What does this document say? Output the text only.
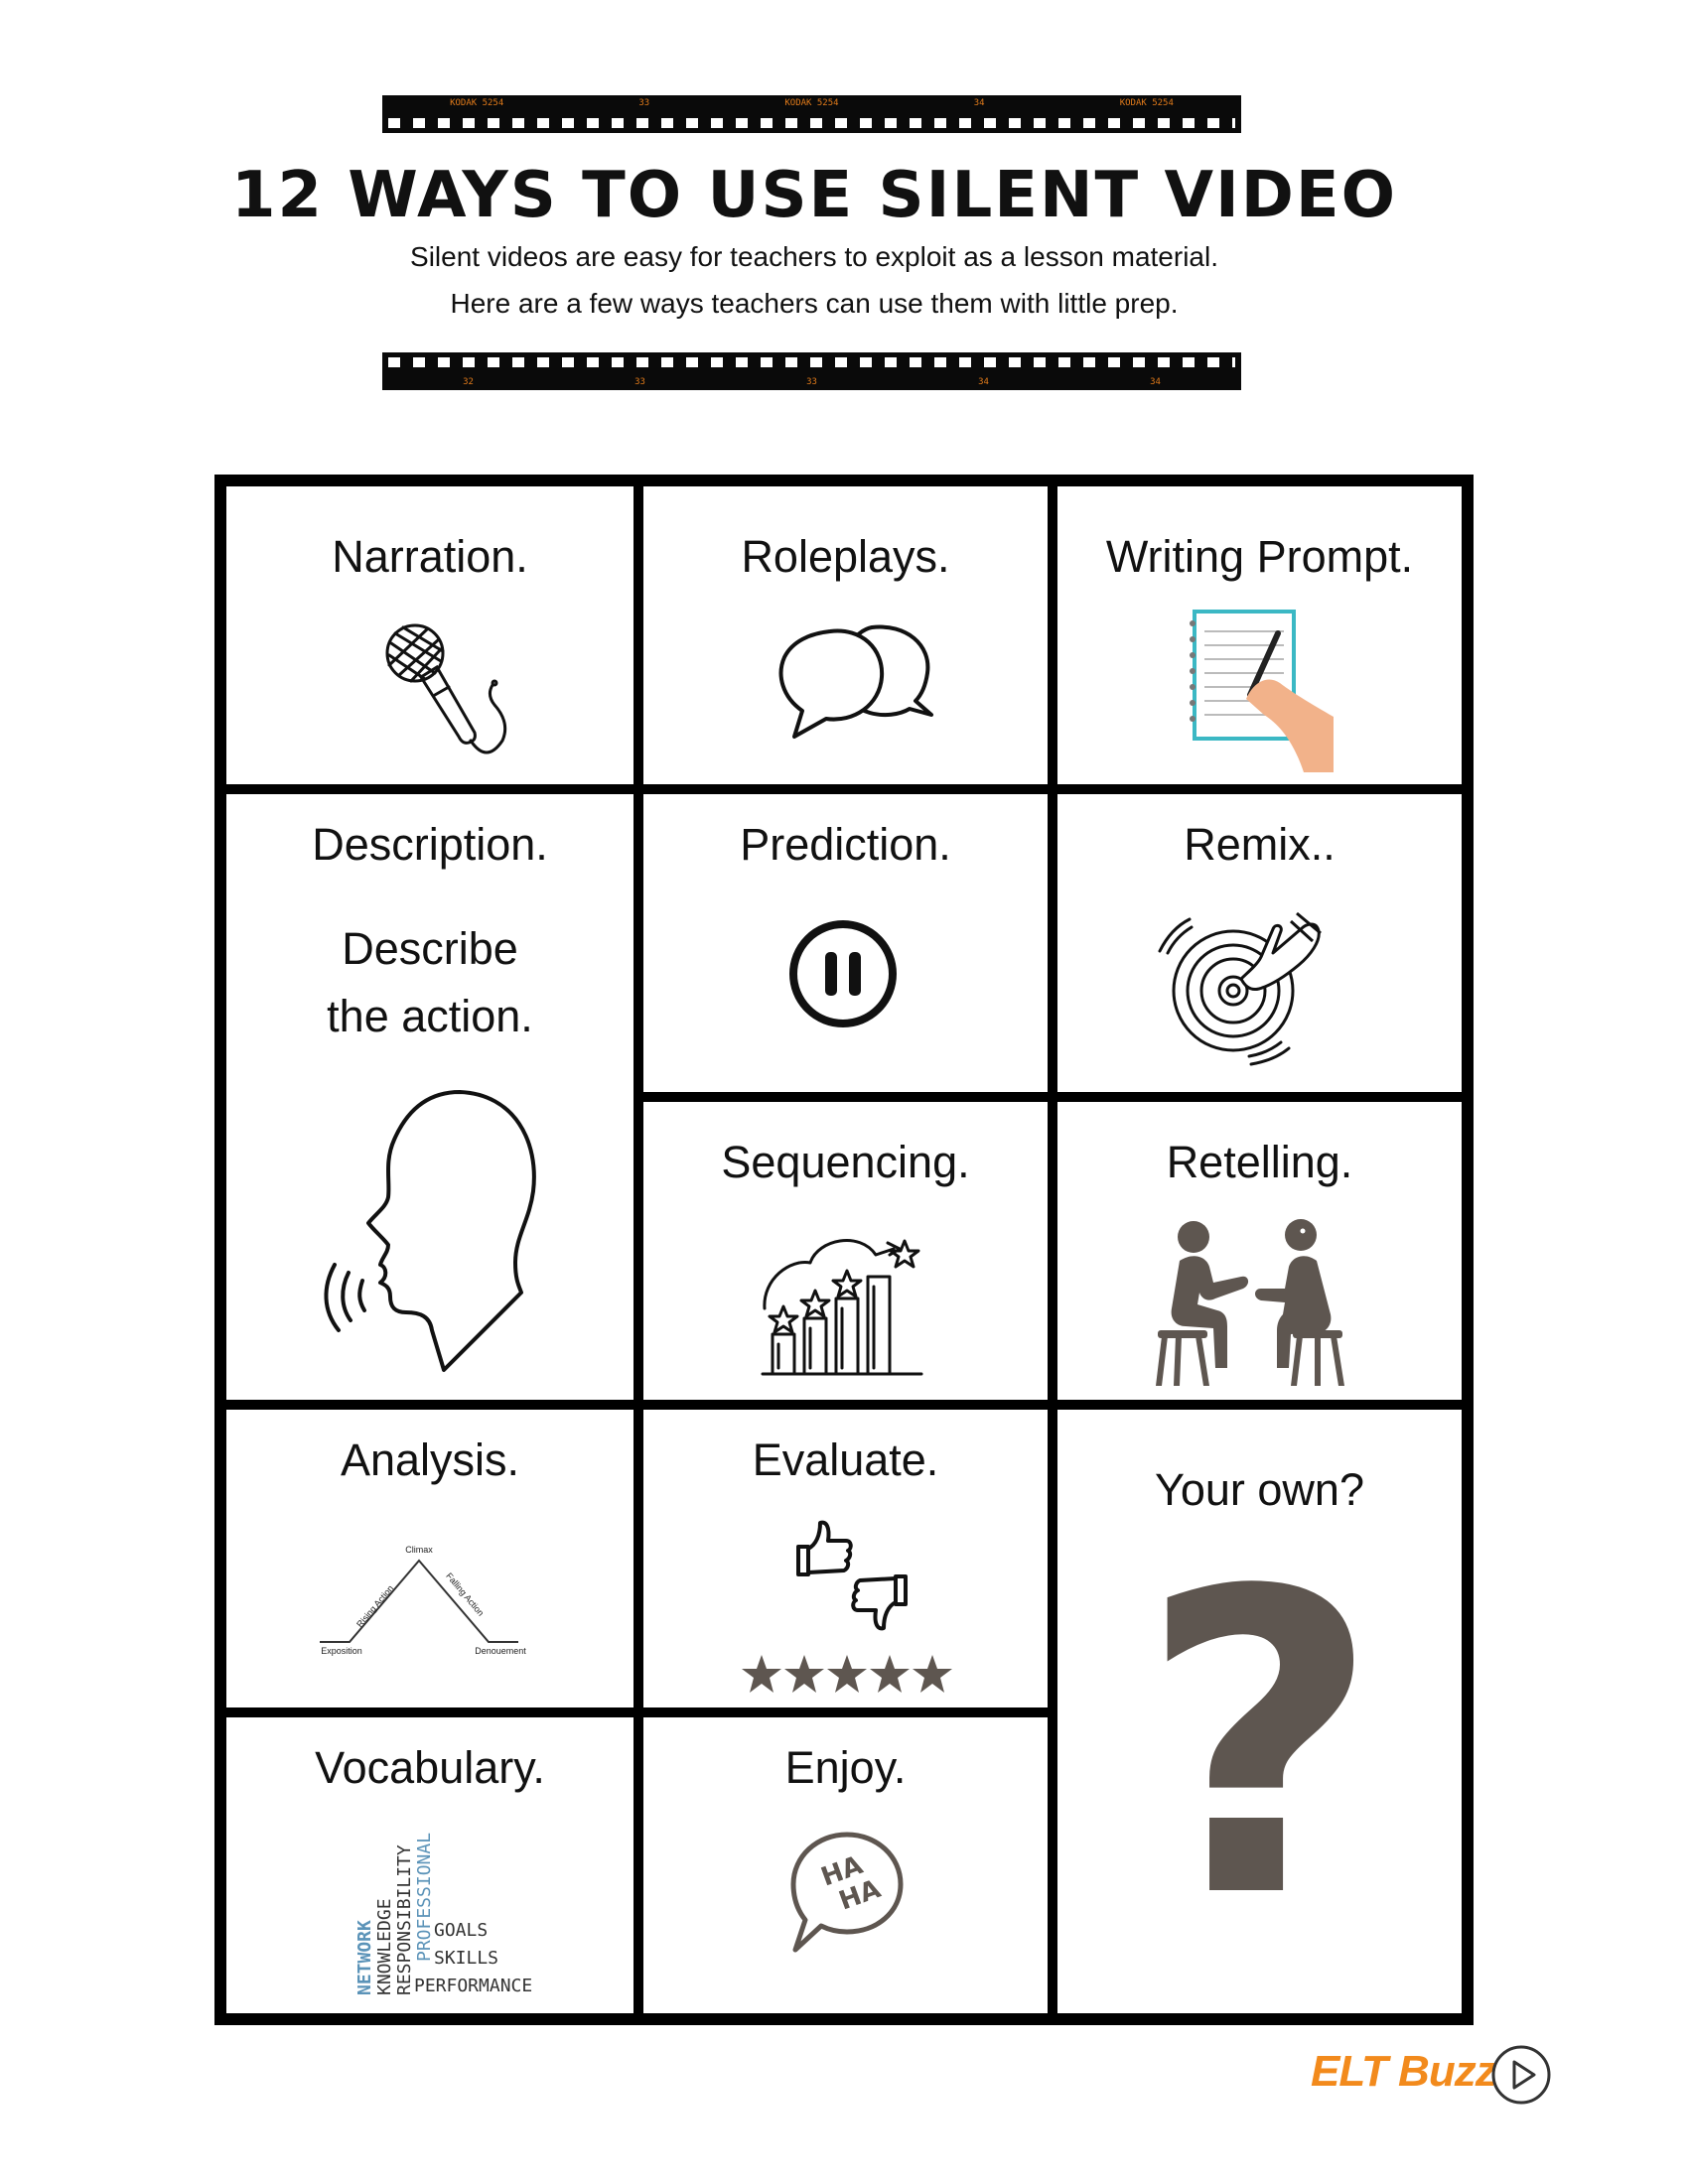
KODAK 5254	33	KODAK 5254	34	KODAK 5254
12 WAYS TO USE SILENT VIDEO
Silent videos are easy for teachers to exploit as a lesson material.
Here are a few ways teachers can use them with little prep.
32	33	33	34	34
Narration.	Roleplays.	Writing Prompt.
Description.
Describe
the action.
Prediction.	Remix..
Sequencing.	Retelling.
Analysis.
Climax
Rising Action	Falling Action
Exposition	Denouement
Evaluate.
Your own?
?
Vocabulary.
NETWORK KNOWLEDGE RESPONSIBILITY PROFESSIONAL GOALS
SKILLS
PERFORMANCE
Enjoy.
HA
HA
ELT Buzz
